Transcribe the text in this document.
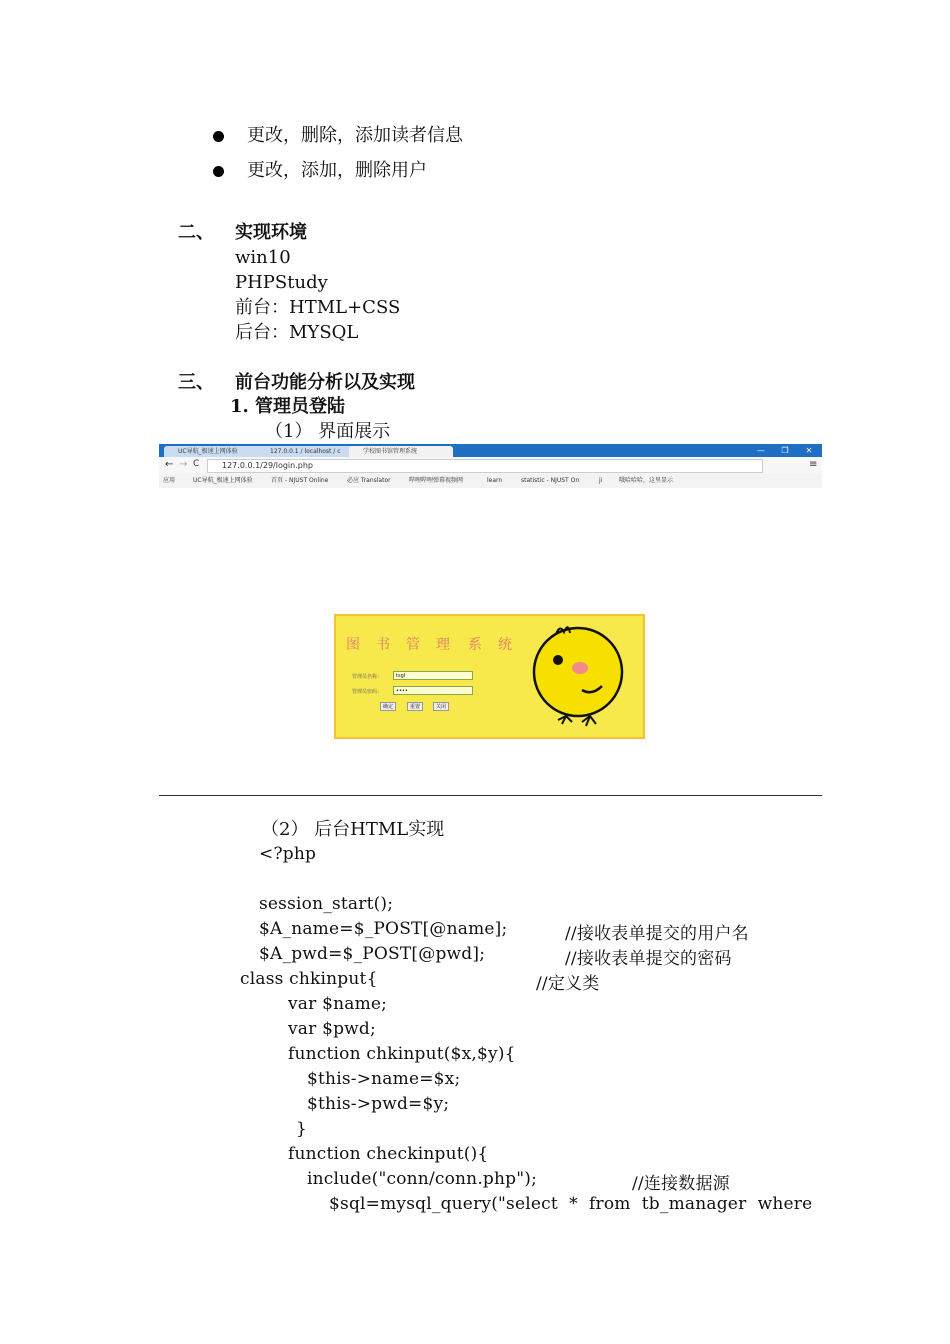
更改，删除，添加读者信息
更改，添加，删除用户
二、 实现环境
win10
PHPStudy
前台：HTML+CSS
后台：MYSQL
三、 前台功能分析以及实现
1. 管理员登陆
（1） 界面展示
UC导航_极速上网体验	127.0.0.1 / localhost / c	学校图书馆管理系统	—	❐	✕
← → C	127.0.0.1/29/login.php	≡
应用	UC导航_极速上网体验	首页 - NJUST Online	必应 Translator	哔哩哔哩弹幕视频网	learn	statistic - NJUST On	ji	哦哈哈哈，这里显示
图 书 管 理 系 统
管理员名称：	tsgl
管理员密码：	••••
确定	重置	关闭
（2） 后台HTML实现
<?php
session_start();
$A_name=$_POST[@name];	//接收表单提交的用户名
$A_pwd=$_POST[@pwd];	//接收表单提交的密码
class chkinput{	//定义类
var $name;
var $pwd;
function chkinput($x,$y){
$this->name=$x;
$this->pwd=$y;
}
function checkinput(){
include("conn/conn.php");	//连接数据源
$sql=mysql_query("select  *  from  tb_manager  where
